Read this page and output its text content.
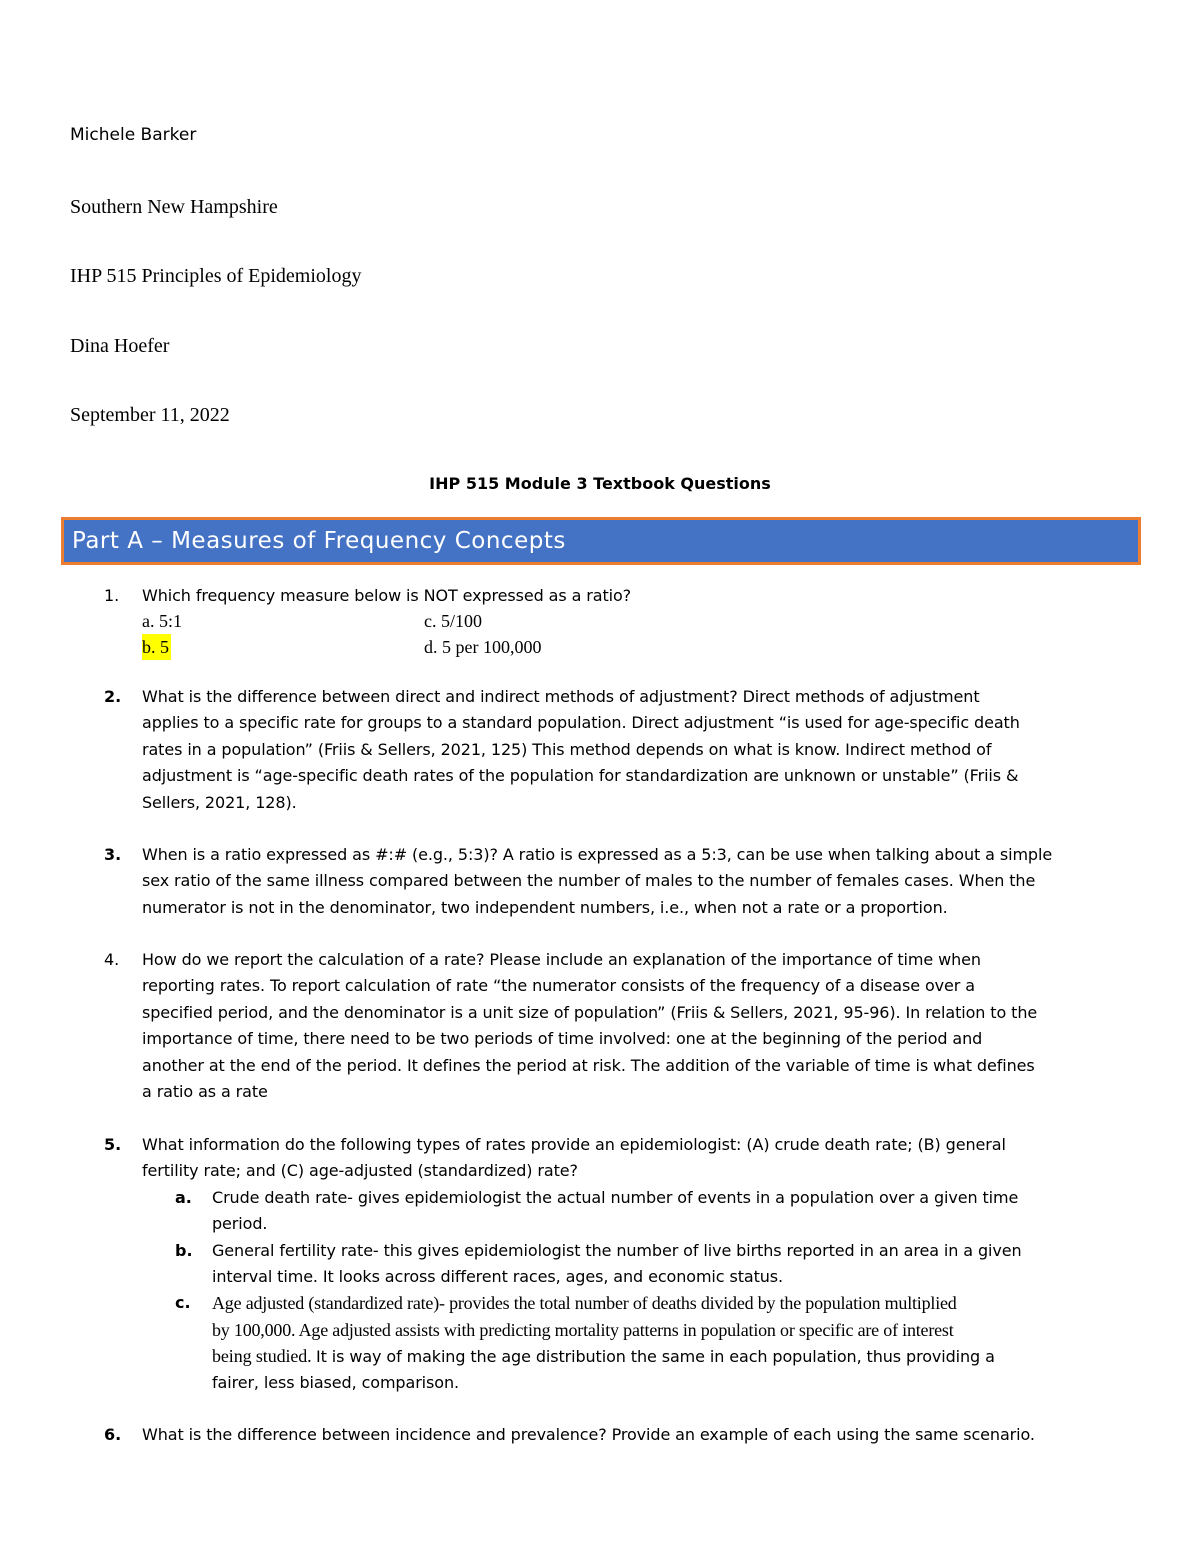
Michele Barker
Southern New Hampshire
IHP 515 Principles of Epidemiology
Dina Hoefer
September 11, 2022
IHP 515 Module 3 Textbook Questions
Part A – Measures of Frequency Concepts
1. Which frequency measure below is NOT expressed as a ratio?
a. 5:1	c. 5/100
b. 5	d. 5 per 100,000
2. What is the difference between direct and indirect methods of adjustment? Direct methods of adjustment
applies to a specific rate for groups to a standard population. Direct adjustment “is used for age-specific death
rates in a population” (Friis & Sellers, 2021, 125) This method depends on what is know. Indirect method of
adjustment is “age-specific death rates of the population for standardization are unknown or unstable” (Friis &
Sellers, 2021, 128).
3. When is a ratio expressed as #:# (e.g., 5:3)? A ratio is expressed as a 5:3, can be use when talking about a simple
sex ratio of the same illness compared between the number of males to the number of females cases. When the
numerator is not in the denominator, two independent numbers, i.e., when not a rate or a proportion.
4. How do we report the calculation of a rate? Please include an explanation of the importance of time when
reporting rates. To report calculation of rate “the numerator consists of the frequency of a disease over a
specified period, and the denominator is a unit size of population” (Friis & Sellers, 2021, 95-96). In relation to the
importance of time, there need to be two periods of time involved: one at the beginning of the period and
another at the end of the period. It defines the period at risk. The addition of the variable of time is what defines
a ratio as a rate
5. What information do the following types of rates provide an epidemiologist: (A) crude death rate; (B) general
fertility rate; and (C) age-adjusted (standardized) rate?
a. Crude death rate- gives epidemiologist the actual number of events in a population over a given time
period.
b. General fertility rate- this gives epidemiologist the number of live births reported in an area in a given
interval time. It looks across different races, ages, and economic status.
c. Age adjusted (standardized rate)- provides the total number of deaths divided by the population multiplied
by 100,000. Age adjusted assists with predicting mortality patterns in population or specific are of interest
being studied. It is way of making the age distribution the same in each population, thus providing a
fairer, less biased, comparison.
6. What is the difference between incidence and prevalence? Provide an example of each using the same scenario.
